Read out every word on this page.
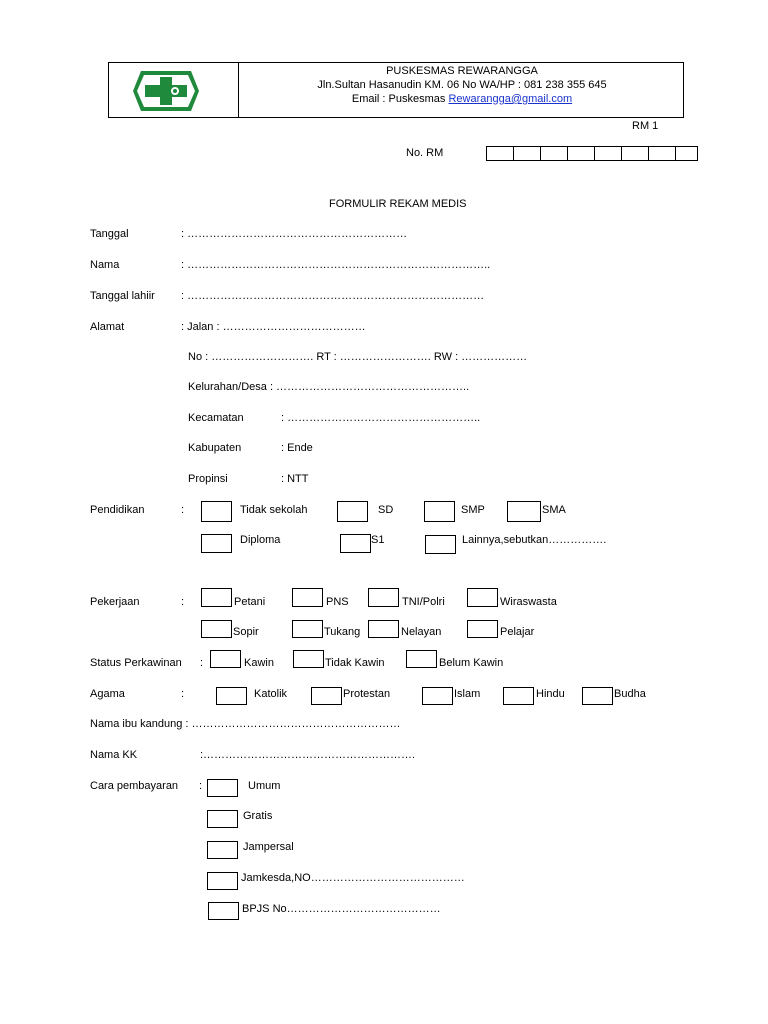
PUSKESMAS REWARANGGA
Jln.Sultan Hasanudin KM. 06 No WA/HP : 081 238 355 645
Email : Puskesmas Rewarangga@gmail.com
RM 1
No. RM
FORMULIR REKAM MEDIS
Tanggal	: ……………………………………………………
Nama	: ………………………………………………………………………..
Tanggal lahiir : ………………………………………………………………………
Alamat	: Jalan : …………………………………
No : ………………………. RT : ……………………. RW : ………………
Kelurahan/Desa : ……………………………………………..
Kecamatan	: ……………………………………………..
Kabupaten	: Ende
Propinsi	: NTT
Pendidikan	:	Tidak sekolah	SD	SMP	SMA
Diploma	S1	Lainnya,sebutkan…………….
Pekerjaan	:	Petani	PNS	TNI/Polri	Wiraswasta
Sopir	Tukang	Nelayan	Pelajar
Status Perkawinan :	Kawin	Tidak Kawin	Belum Kawin
Agama	:	Katolik	Protestan	Islam	Hindu	Budha
Nama ibu kandung : …………………………………………………
Nama KK	:………………………………………………….
Cara pembayaran :	Umum
Gratis
Jampersal
Jamkesda,NO……………………………………
BPJS No……………………………………
